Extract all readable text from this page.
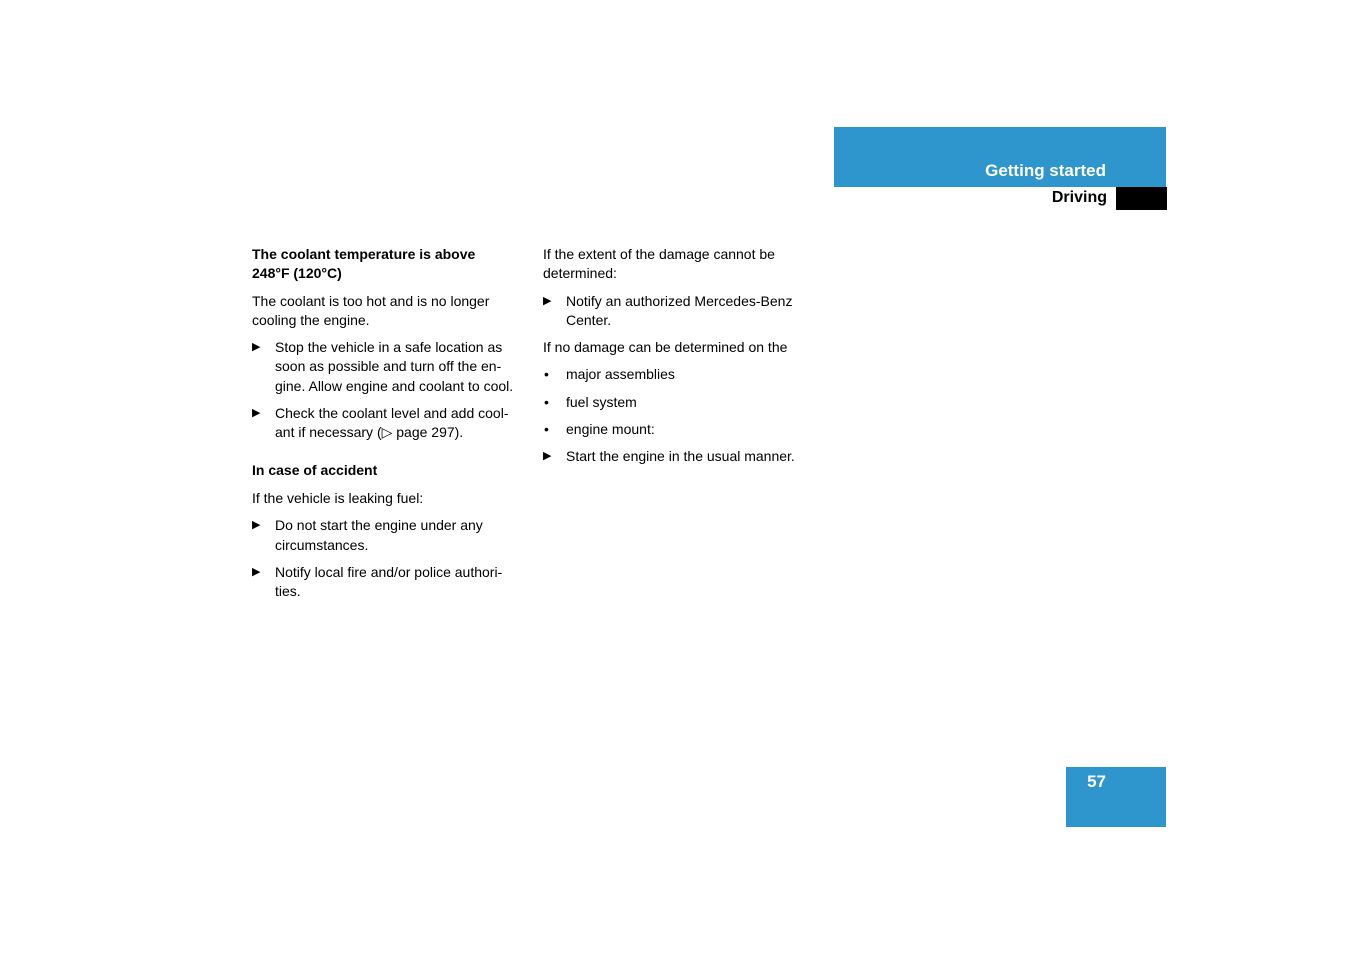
Getting started
Driving
The coolant temperature is above
248°F (120°C)
The coolant is too hot and is no longer
cooling the engine.
▶	Stop the vehicle in a safe location as
soon as possible and turn off the en-
gine. Allow engine and coolant to cool.
▶	Check the coolant level and add cool-
ant if necessary (▷ page 297).
In case of accident
If the vehicle is leaking fuel:
▶	Do not start the engine under any
circumstances.
▶	Notify local fire and/or police authori-
ties.
If the extent of the damage cannot be
determined:
▶	Notify an authorized Mercedes-Benz
Center.
If no damage can be determined on the
• major assemblies
• fuel system
• engine mount:
▶	Start the engine in the usual manner.
57
